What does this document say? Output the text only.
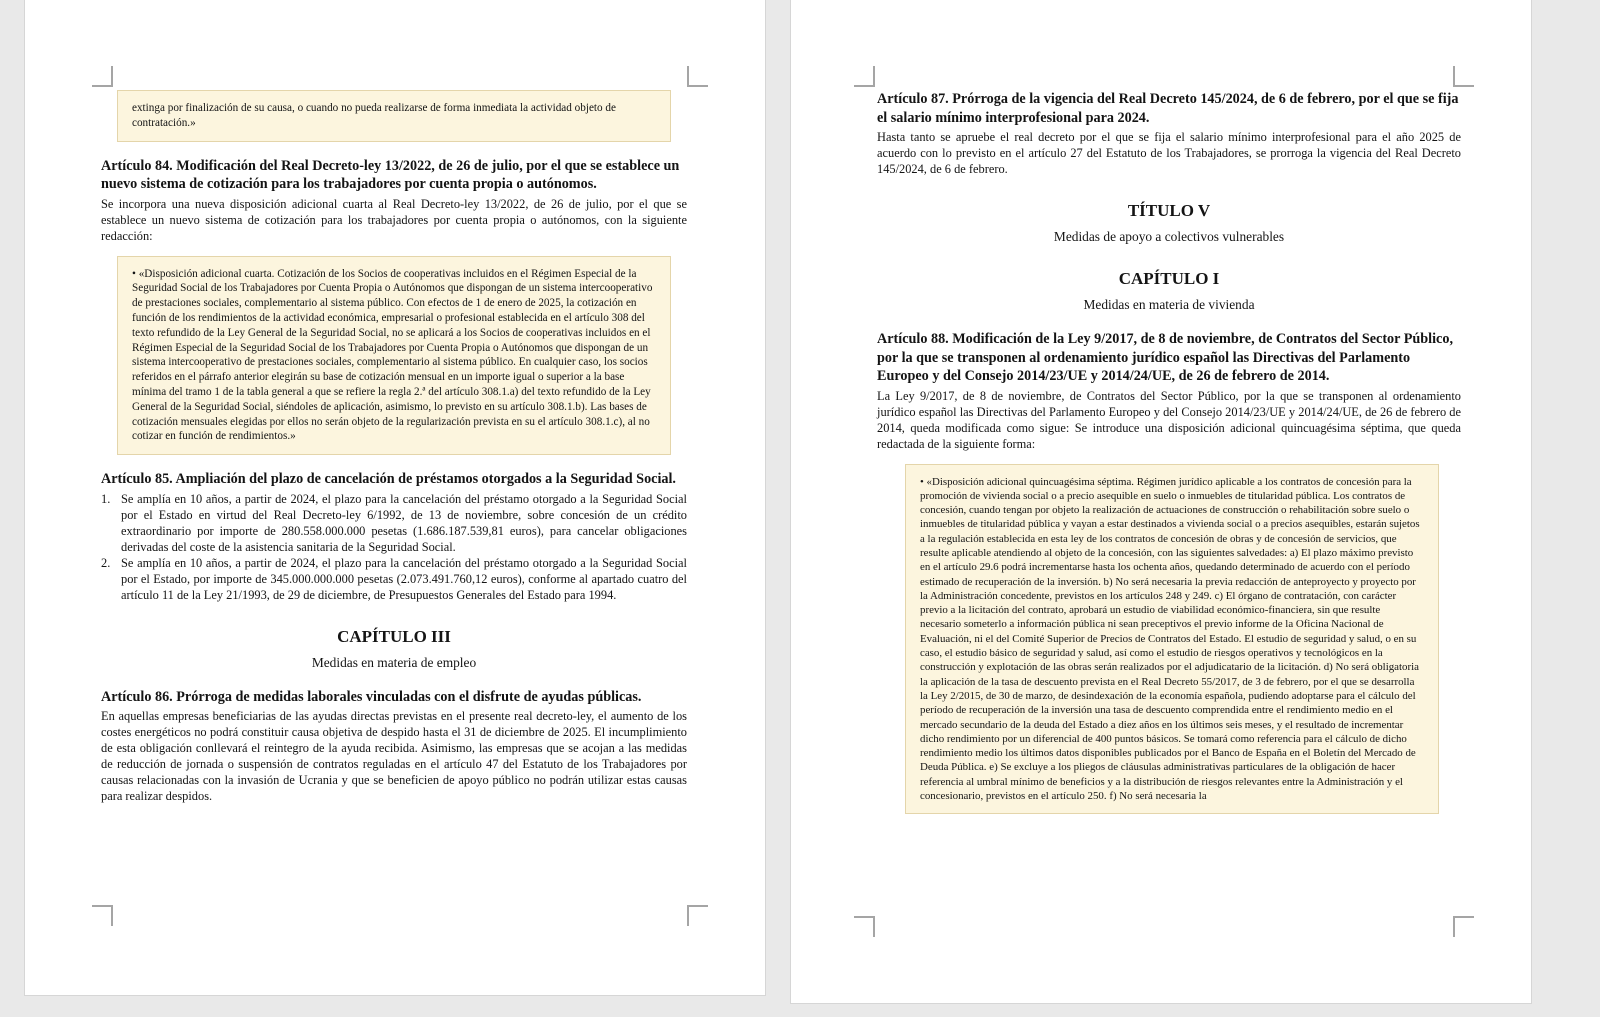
extinga por finalización de su causa, o cuando no pueda realizarse de forma inmediata la actividad objeto de contratación.»
Artículo 84. Modificación del Real Decreto-ley 13/2022, de 26 de julio, por el que se establece un nuevo sistema de cotización para los trabajadores por cuenta propia o autónomos.
Se incorpora una nueva disposición adicional cuarta al Real Decreto-ley 13/2022, de 26 de julio, por el que se establece un nuevo sistema de cotización para los trabajadores por cuenta propia o autónomos, con la siguiente redacción:
• «Disposición adicional cuarta. Cotización de los Socios de cooperativas incluidos en el Régimen Especial de la Seguridad Social de los Trabajadores por Cuenta Propia o Autónomos que dispongan de un sistema intercooperativo de prestaciones sociales, complementario al sistema público. Con efectos de 1 de enero de 2025, la cotización en función de los rendimientos de la actividad económica, empresarial o profesional establecida en el artículo 308 del texto refundido de la Ley General de la Seguridad Social, no se aplicará a los Socios de cooperativas incluidos en el Régimen Especial de la Seguridad Social de los Trabajadores por Cuenta Propia o Autónomos que dispongan de un sistema intercooperativo de prestaciones sociales, complementario al sistema público. En cualquier caso, los socios referidos en el párrafo anterior elegirán su base de cotización mensual en un importe igual o superior a la base mínima del tramo 1 de la tabla general a que se refiere la regla 2.ª del artículo 308.1.a) del texto refundido de la Ley General de la Seguridad Social, siéndoles de aplicación, asimismo, lo previsto en su artículo 308.1.b). Las bases de cotización mensuales elegidas por ellos no serán objeto de la regularización prevista en su el artículo 308.1.c), al no cotizar en función de rendimientos.»
Artículo 85. Ampliación del plazo de cancelación de préstamos otorgados a la Seguridad Social.
1. Se amplía en 10 años, a partir de 2024, el plazo para la cancelación del préstamo otorgado a la Seguridad Social por el Estado en virtud del Real Decreto-ley 6/1992, de 13 de noviembre, sobre concesión de un crédito extraordinario por importe de 280.558.000.000 pesetas (1.686.187.539,81 euros), para cancelar obligaciones derivadas del coste de la asistencia sanitaria de la Seguridad Social.
2. Se amplía en 10 años, a partir de 2024, el plazo para la cancelación del préstamo otorgado a la Seguridad Social por el Estado, por importe de 345.000.000.000 pesetas (2.073.491.760,12 euros), conforme al apartado cuatro del artículo 11 de la Ley 21/1993, de 29 de diciembre, de Presupuestos Generales del Estado para 1994.
CAPÍTULO III
Medidas en materia de empleo
Artículo 86. Prórroga de medidas laborales vinculadas con el disfrute de ayudas públicas.
En aquellas empresas beneficiarias de las ayudas directas previstas en el presente real decreto-ley, el aumento de los costes energéticos no podrá constituir causa objetiva de despido hasta el 31 de diciembre de 2025. El incumplimiento de esta obligación conllevará el reintegro de la ayuda recibida. Asimismo, las empresas que se acojan a las medidas de reducción de jornada o suspensión de contratos reguladas en el artículo 47 del Estatuto de los Trabajadores por causas relacionadas con la invasión de Ucrania y que se beneficien de apoyo público no podrán utilizar estas causas para realizar despidos.
Artículo 87. Prórroga de la vigencia del Real Decreto 145/2024, de 6 de febrero, por el que se fija el salario mínimo interprofesional para 2024.
Hasta tanto se apruebe el real decreto por el que se fija el salario mínimo interprofesional para el año 2025 de acuerdo con lo previsto en el artículo 27 del Estatuto de los Trabajadores, se prorroga la vigencia del Real Decreto 145/2024, de 6 de febrero.
TÍTULO V
Medidas de apoyo a colectivos vulnerables
CAPÍTULO I
Medidas en materia de vivienda
Artículo 88. Modificación de la Ley 9/2017, de 8 de noviembre, de Contratos del Sector Público, por la que se transponen al ordenamiento jurídico español las Directivas del Parlamento Europeo y del Consejo 2014/23/UE y 2014/24/UE, de 26 de febrero de 2014.
La Ley 9/2017, de 8 de noviembre, de Contratos del Sector Público, por la que se transponen al ordenamiento jurídico español las Directivas del Parlamento Europeo y del Consejo 2014/23/UE y 2014/24/UE, de 26 de febrero de 2014, queda modificada como sigue: Se introduce una disposición adicional quincuagésima séptima, que queda redactada de la siguiente forma:
• «Disposición adicional quincuagésima séptima. Régimen jurídico aplicable a los contratos de concesión para la promoción de vivienda social o a precio asequible en suelo o inmuebles de titularidad pública. Los contratos de concesión, cuando tengan por objeto la realización de actuaciones de construcción o rehabilitación sobre suelo o inmuebles de titularidad pública y vayan a estar destinados a vivienda social o a precios asequibles, estarán sujetos a la regulación establecida en esta ley de los contratos de concesión de obras y de concesión de servicios, que resulte aplicable atendiendo al objeto de la concesión, con las siguientes salvedades: a) El plazo máximo previsto en el artículo 29.6 podrá incrementarse hasta los ochenta años, quedando determinado de acuerdo con el período estimado de recuperación de la inversión. b) No será necesaria la previa redacción de anteproyecto y proyecto por la Administración concedente, previstos en los artículos 248 y 249. c) El órgano de contratación, con carácter previo a la licitación del contrato, aprobará un estudio de viabilidad económico-financiera, sin que resulte necesario someterlo a información pública ni sean preceptivos el previo informe de la Oficina Nacional de Evaluación, ni el del Comité Superior de Precios de Contratos del Estado. El estudio de seguridad y salud, o en su caso, el estudio básico de seguridad y salud, así como el estudio de riesgos operativos y tecnológicos en la construcción y explotación de las obras serán realizados por el adjudicatario de la licitación. d) No será obligatoria la aplicación de la tasa de descuento prevista en el Real Decreto 55/2017, de 3 de febrero, por el que se desarrolla la Ley 2/2015, de 30 de marzo, de desindexación de la economía española, pudiendo adoptarse para el cálculo del período de recuperación de la inversión una tasa de descuento comprendida entre el rendimiento medio en el mercado secundario de la deuda del Estado a diez años en los últimos seis meses, y el resultado de incrementar dicho rendimiento por un diferencial de 400 puntos básicos. Se tomará como referencia para el cálculo de dicho rendimiento medio los últimos datos disponibles publicados por el Banco de España en el Boletín del Mercado de Deuda Pública. e) Se excluye a los pliegos de cláusulas administrativas particulares de la obligación de hacer referencia al umbral mínimo de beneficios y a la distribución de riesgos relevantes entre la Administración y el concesionario, previstos en el artículo 250. f) No será necesaria la
